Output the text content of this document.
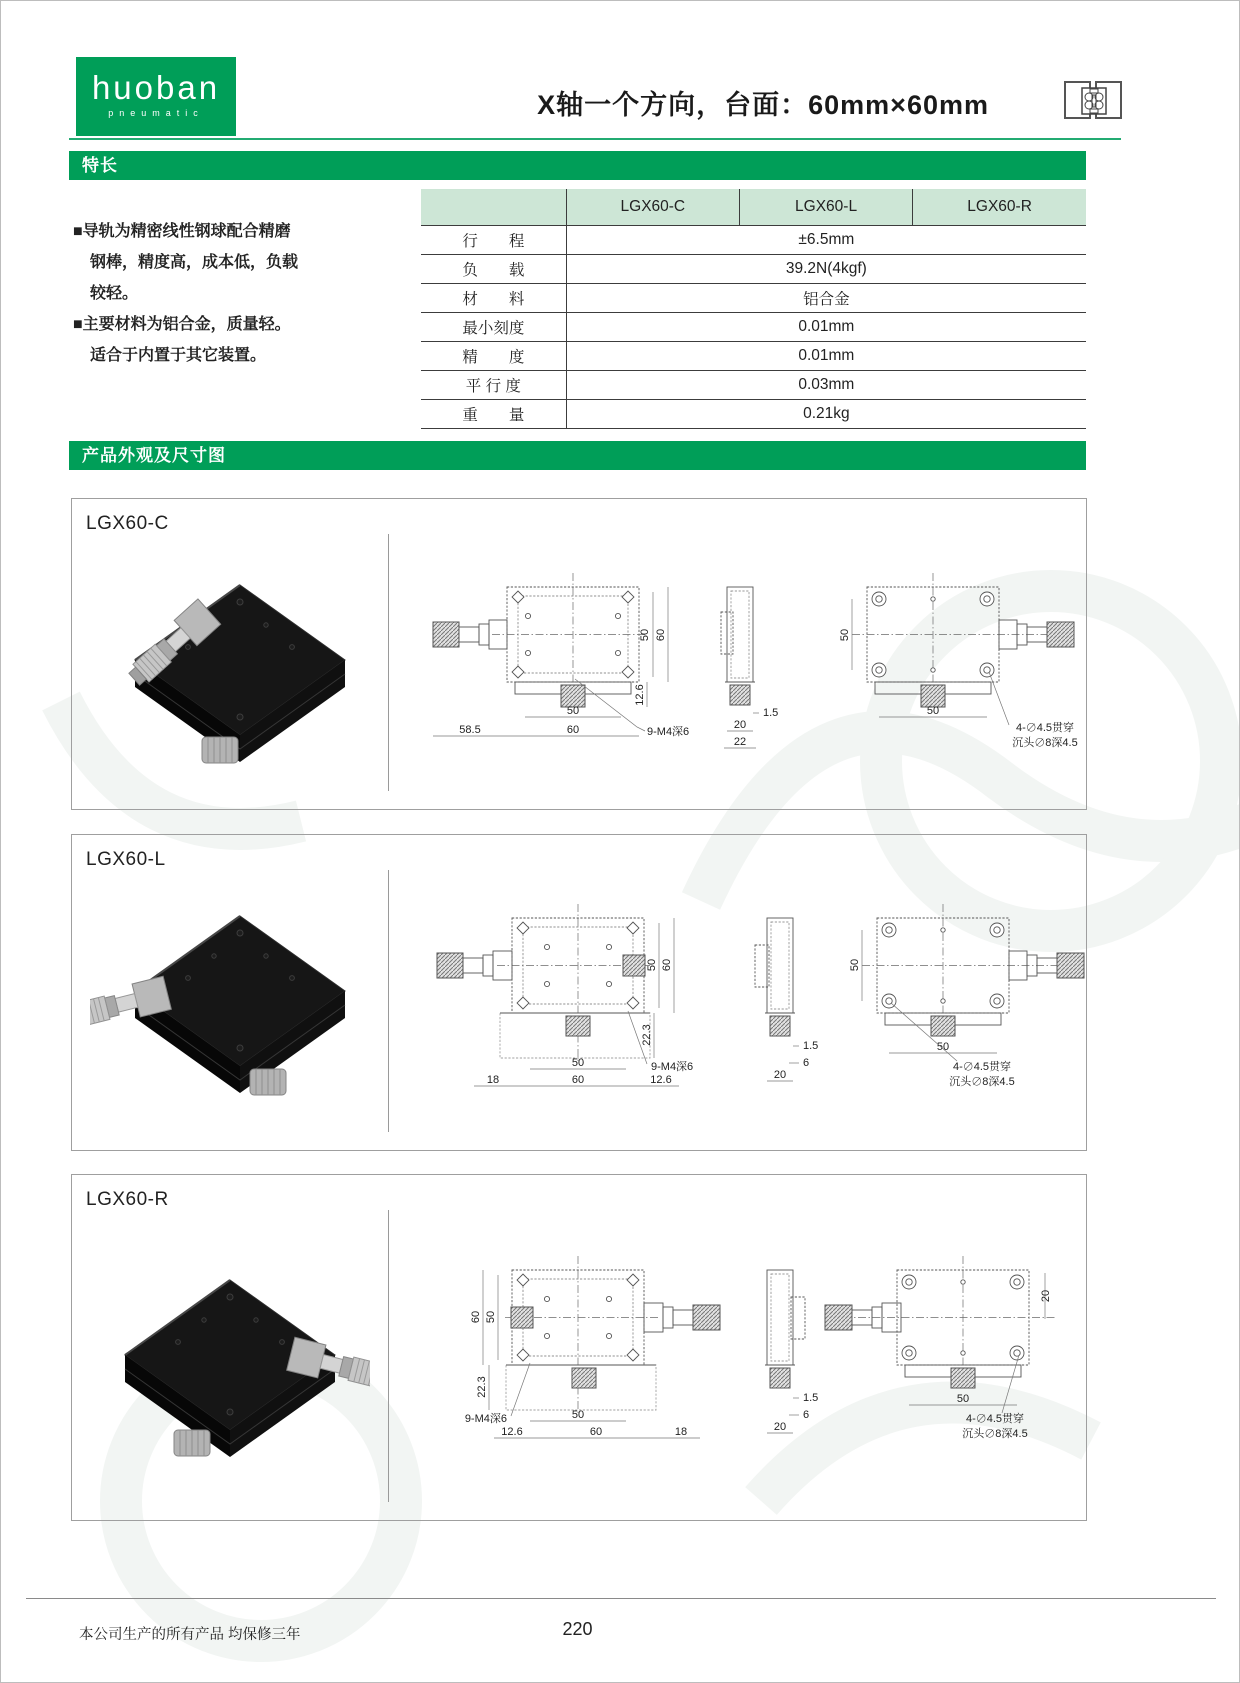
huoban
pneumatic	X轴一个方向，台面：60mm×60mm
特长
■导轨为精密线性钢球配合精磨
钢棒，精度高，成本低，负载
较轻。
■主要材料为铝合金，质量轻。
适合于内置于其它装置。
	LGX60-C	LGX60-L	LGX60-R
行　　程	±6.5mm		
负　　载	39.2N(4kgf)		
材　　料	铝合金		
最小刻度	0.01mm		
精　　度	0.01mm		
平 行 度	0.03mm		
重　　量	0.21kg		
产品外观及尺寸图
LGX60-C
50 60
12.6
50
58.5	60	9-M4深6
1.5
20
22
50
50
4-∅4.5贯穿
沉头∅8深4.5
LGX60-L
50 60
22.3
50	9-M4深6
18	60	12.6
1.5
6
20
50
50
4-∅4.5贯穿
沉头∅8深4.5
LGX60-R
60 50
22.3
9-M4深6	50
12.6	60	18
1.5
6
20
20
50
4-∅4.5贯穿
沉头∅8深4.5
本公司生产的所有产品 均保修三年	220
